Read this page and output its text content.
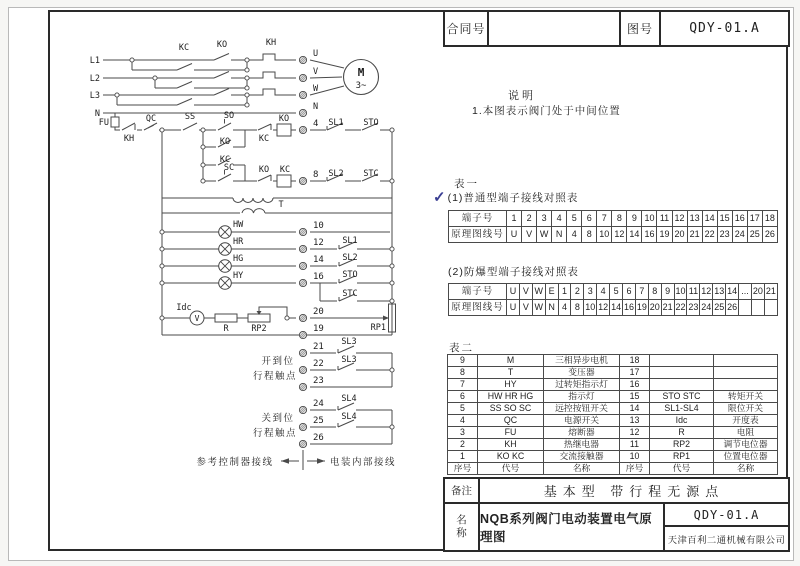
M
3~
V
L1
L2
L3
N
KC	KO	KH
U
V
W
N
FU
KH
QC	SS	SO
KO
KC
SC
KC
KO	4 SL1 STO
KO KC	8 SL2 STC
T
HW
HR
HG
HY
10
12 SL1
14 SL2
16 STO
STC
Idc
R	RP2
20
RP1
19
21 SL3
22 SL3
23
24 SL4
25 SL4
26
开到位
行程触点
关到位
行程触点
参考控制器接线	电装内部接线
合同号	图号	QDY-01.A
说明
1.本图表示阀门处于中间位置
表一
✓ (1)普通型端子接线对照表
端子号	1	2	3	4	5	6	7	8	9	10	11	12	13	14	15	16	17	18
原理图线号	U	V	W	N	4	8	10	12	14	16	19	20	21	22	23	24	25	26
(2)防爆型端子接线对照表
端子号	U	V	W	E	1	2	3	4	5	6	7	8	9	10	11	12	13	14	...	20	21
原理图线号	U	V	W	N	4	8	10	12	14	16	19	20	21	22	23	24	25	26			
表二
9	M	三相异步电机	18		
8	T	变压器	17		
7	HY	过转矩指示灯	16		
6	HW HR HG	指示灯	15	STO STC	转矩开关
5	SS SO SC	远控按钮开关	14	SL1-SL4	限位开关
4	QC	电源开关	13	Idc	开度表
3	FU	熔断器	12	R	电阻
2	KH	热继电器	11	RP2	调节电位器
1	KO KC	交流接触器	10	RP1	位置电位器
序号	代号	名称	序号	代号	名称
备注	基本型 带行程无源点
名称
NQB系列阀门电动装置电气原理图
QDY-01.A
天津百利二通机械有限公司
